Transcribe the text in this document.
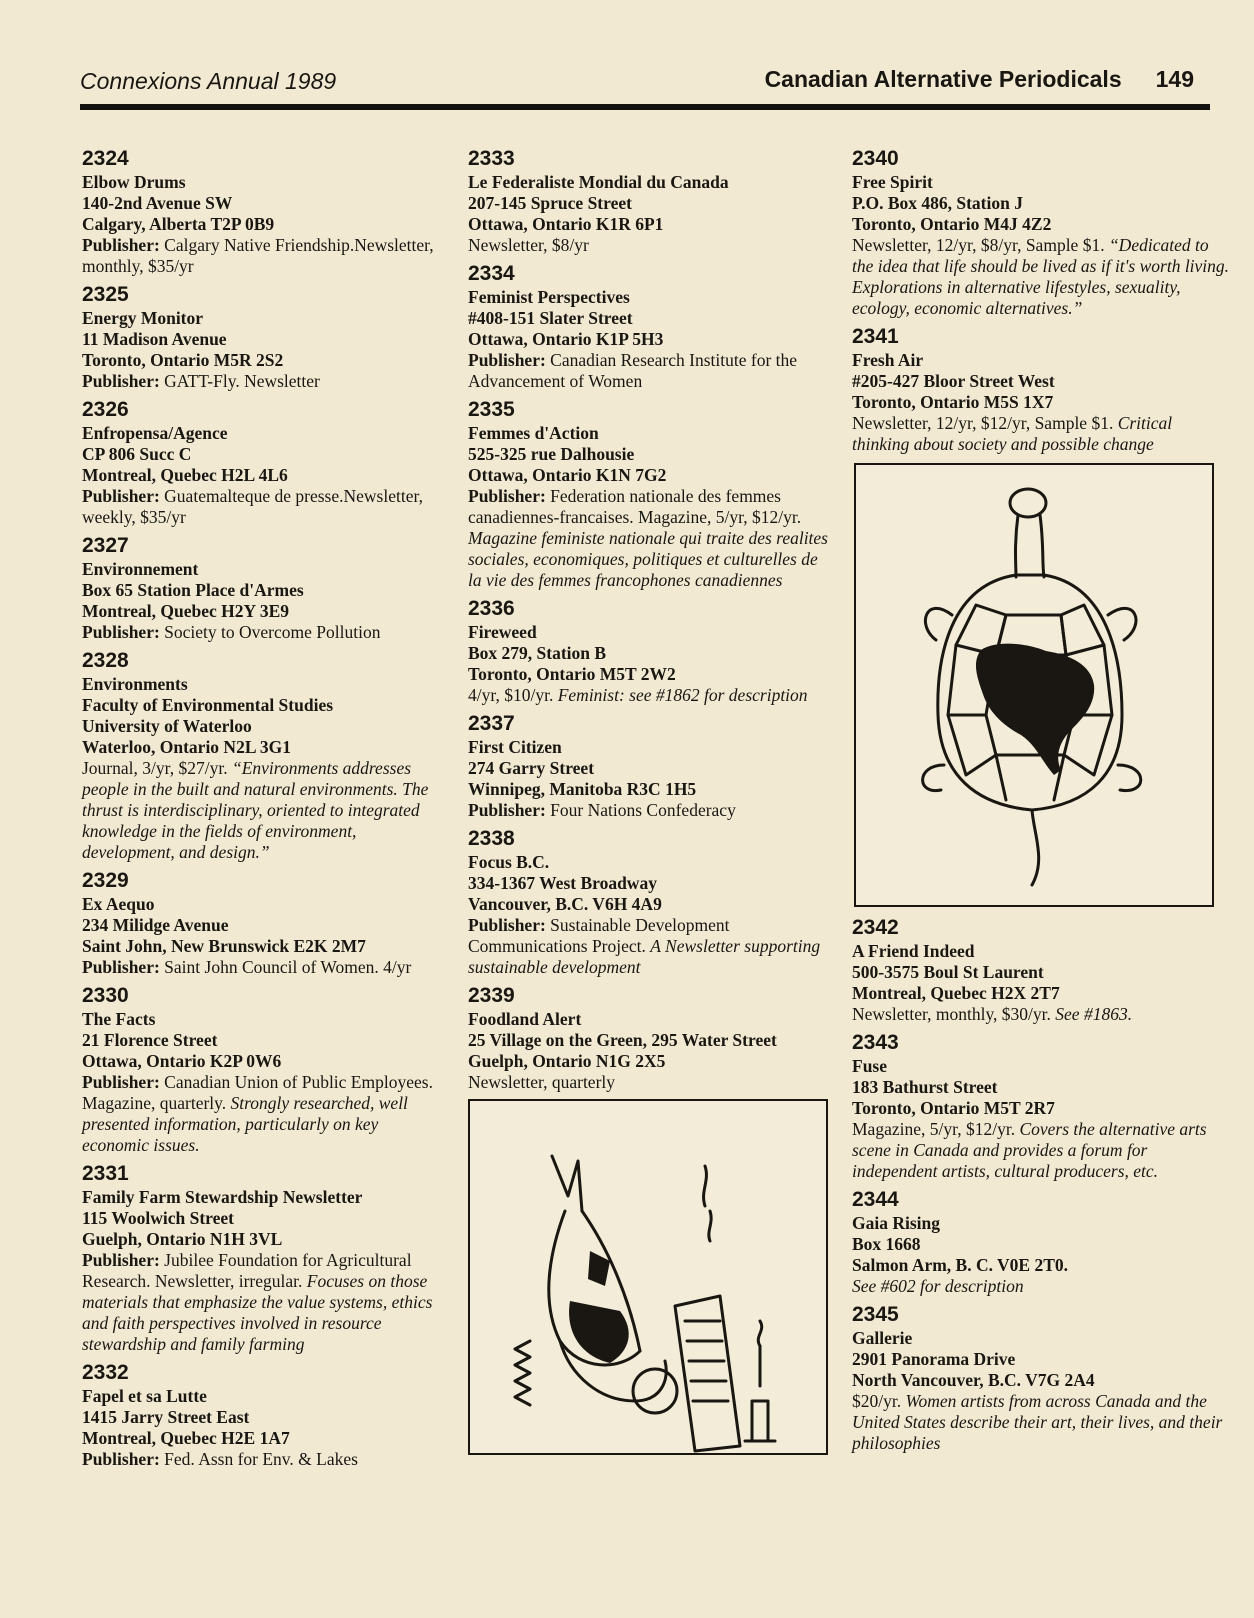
Connexions Annual 1989	Canadian Alternative Periodicals 149
2324
Elbow Drums
140-2nd Avenue SW
Calgary, Alberta T2P 0B9
Publisher: Calgary Native Friendship.Newsletter, monthly, $35/yr
2325
Energy Monitor
11 Madison Avenue
Toronto, Ontario M5R 2S2
Publisher: GATT-Fly. Newsletter
2326
Enfropensa/Agence
CP 806 Succ C
Montreal, Quebec H2L 4L6
Publisher: Guatemalteque de presse.Newsletter, weekly, $35/yr
2327
Environnement
Box 65 Station Place d'Armes
Montreal, Quebec H2Y 3E9
Publisher: Society to Overcome Pollution
2328
Environments
Faculty of Environmental Studies
University of Waterloo
Waterloo, Ontario N2L 3G1
Journal, 3/yr, $27/yr. “Environments addresses people in the built and natural environments. The thrust is interdisciplinary, oriented to integrated knowledge in the fields of environment, development, and design.”
2329
Ex Aequo
234 Milidge Avenue
Saint John, New Brunswick E2K 2M7
Publisher: Saint John Council of Women. 4/yr
2330
The Facts
21 Florence Street
Ottawa, Ontario K2P 0W6
Publisher: Canadian Union of Public Employees. Magazine, quarterly. Strongly researched, well presented information, particularly on key economic issues.
2331
Family Farm Stewardship Newsletter
115 Woolwich Street
Guelph, Ontario N1H 3VL
Publisher: Jubilee Foundation for Agricultural Research. Newsletter, irregular. Focuses on those materials that emphasize the value systems, ethics and faith perspectives involved in resource stewardship and family farming
2332
Fapel et sa Lutte
1415 Jarry Street East
Montreal, Quebec H2E 1A7
Publisher: Fed. Assn for Env. & Lakes
2333
Le Federaliste Mondial du Canada
207-145 Spruce Street
Ottawa, Ontario K1R 6P1
Newsletter, $8/yr
2334
Feminist Perspectives
#408-151 Slater Street
Ottawa, Ontario K1P 5H3
Publisher: Canadian Research Institute for the Advancement of Women
2335
Femmes d'Action
525-325 rue Dalhousie
Ottawa, Ontario K1N 7G2
Publisher: Federation nationale des femmes canadiennes-francaises. Magazine, 5/yr, $12/yr. Magazine feministe nationale qui traite des realites sociales, economiques, politiques et culturelles de la vie des femmes francophones canadiennes
2336
Fireweed
Box 279, Station B
Toronto, Ontario M5T 2W2
4/yr, $10/yr. Feminist: see #1862 for description
2337
First Citizen
274 Garry Street
Winnipeg, Manitoba R3C 1H5
Publisher: Four Nations Confederacy
2338
Focus B.C.
334-1367 West Broadway
Vancouver, B.C. V6H 4A9
Publisher: Sustainable Development Communications Project. A Newsletter supporting sustainable development
2339
Foodland Alert
25 Village on the Green, 295 Water Street
Guelph, Ontario N1G 2X5
Newsletter, quarterly
2340
Free Spirit
P.O. Box 486, Station J
Toronto, Ontario M4J 4Z2
Newsletter, 12/yr, $8/yr, Sample $1. “Dedicated to the idea that life should be lived as if it's worth living. Explorations in alternative lifestyles, sexuality, ecology, economic alternatives.”
2341
Fresh Air
#205-427 Bloor Street West
Toronto, Ontario M5S 1X7
Newsletter, 12/yr, $12/yr, Sample $1. Critical thinking about society and possible change
2342
A Friend Indeed
500-3575 Boul St Laurent
Montreal, Quebec H2X 2T7
Newsletter, monthly, $30/yr. See #1863.
2343
Fuse
183 Bathurst Street
Toronto, Ontario M5T 2R7
Magazine, 5/yr, $12/yr. Covers the alternative arts scene in Canada and provides a forum for independent artists, cultural producers, etc.
2344
Gaia Rising
Box 1668
Salmon Arm, B. C. V0E 2T0.
See #602 for description
2345
Gallerie
2901 Panorama Drive
North Vancouver, B.C. V7G 2A4
$20/yr. Women artists from across Canada and the United States describe their art, their lives, and their philosophies
